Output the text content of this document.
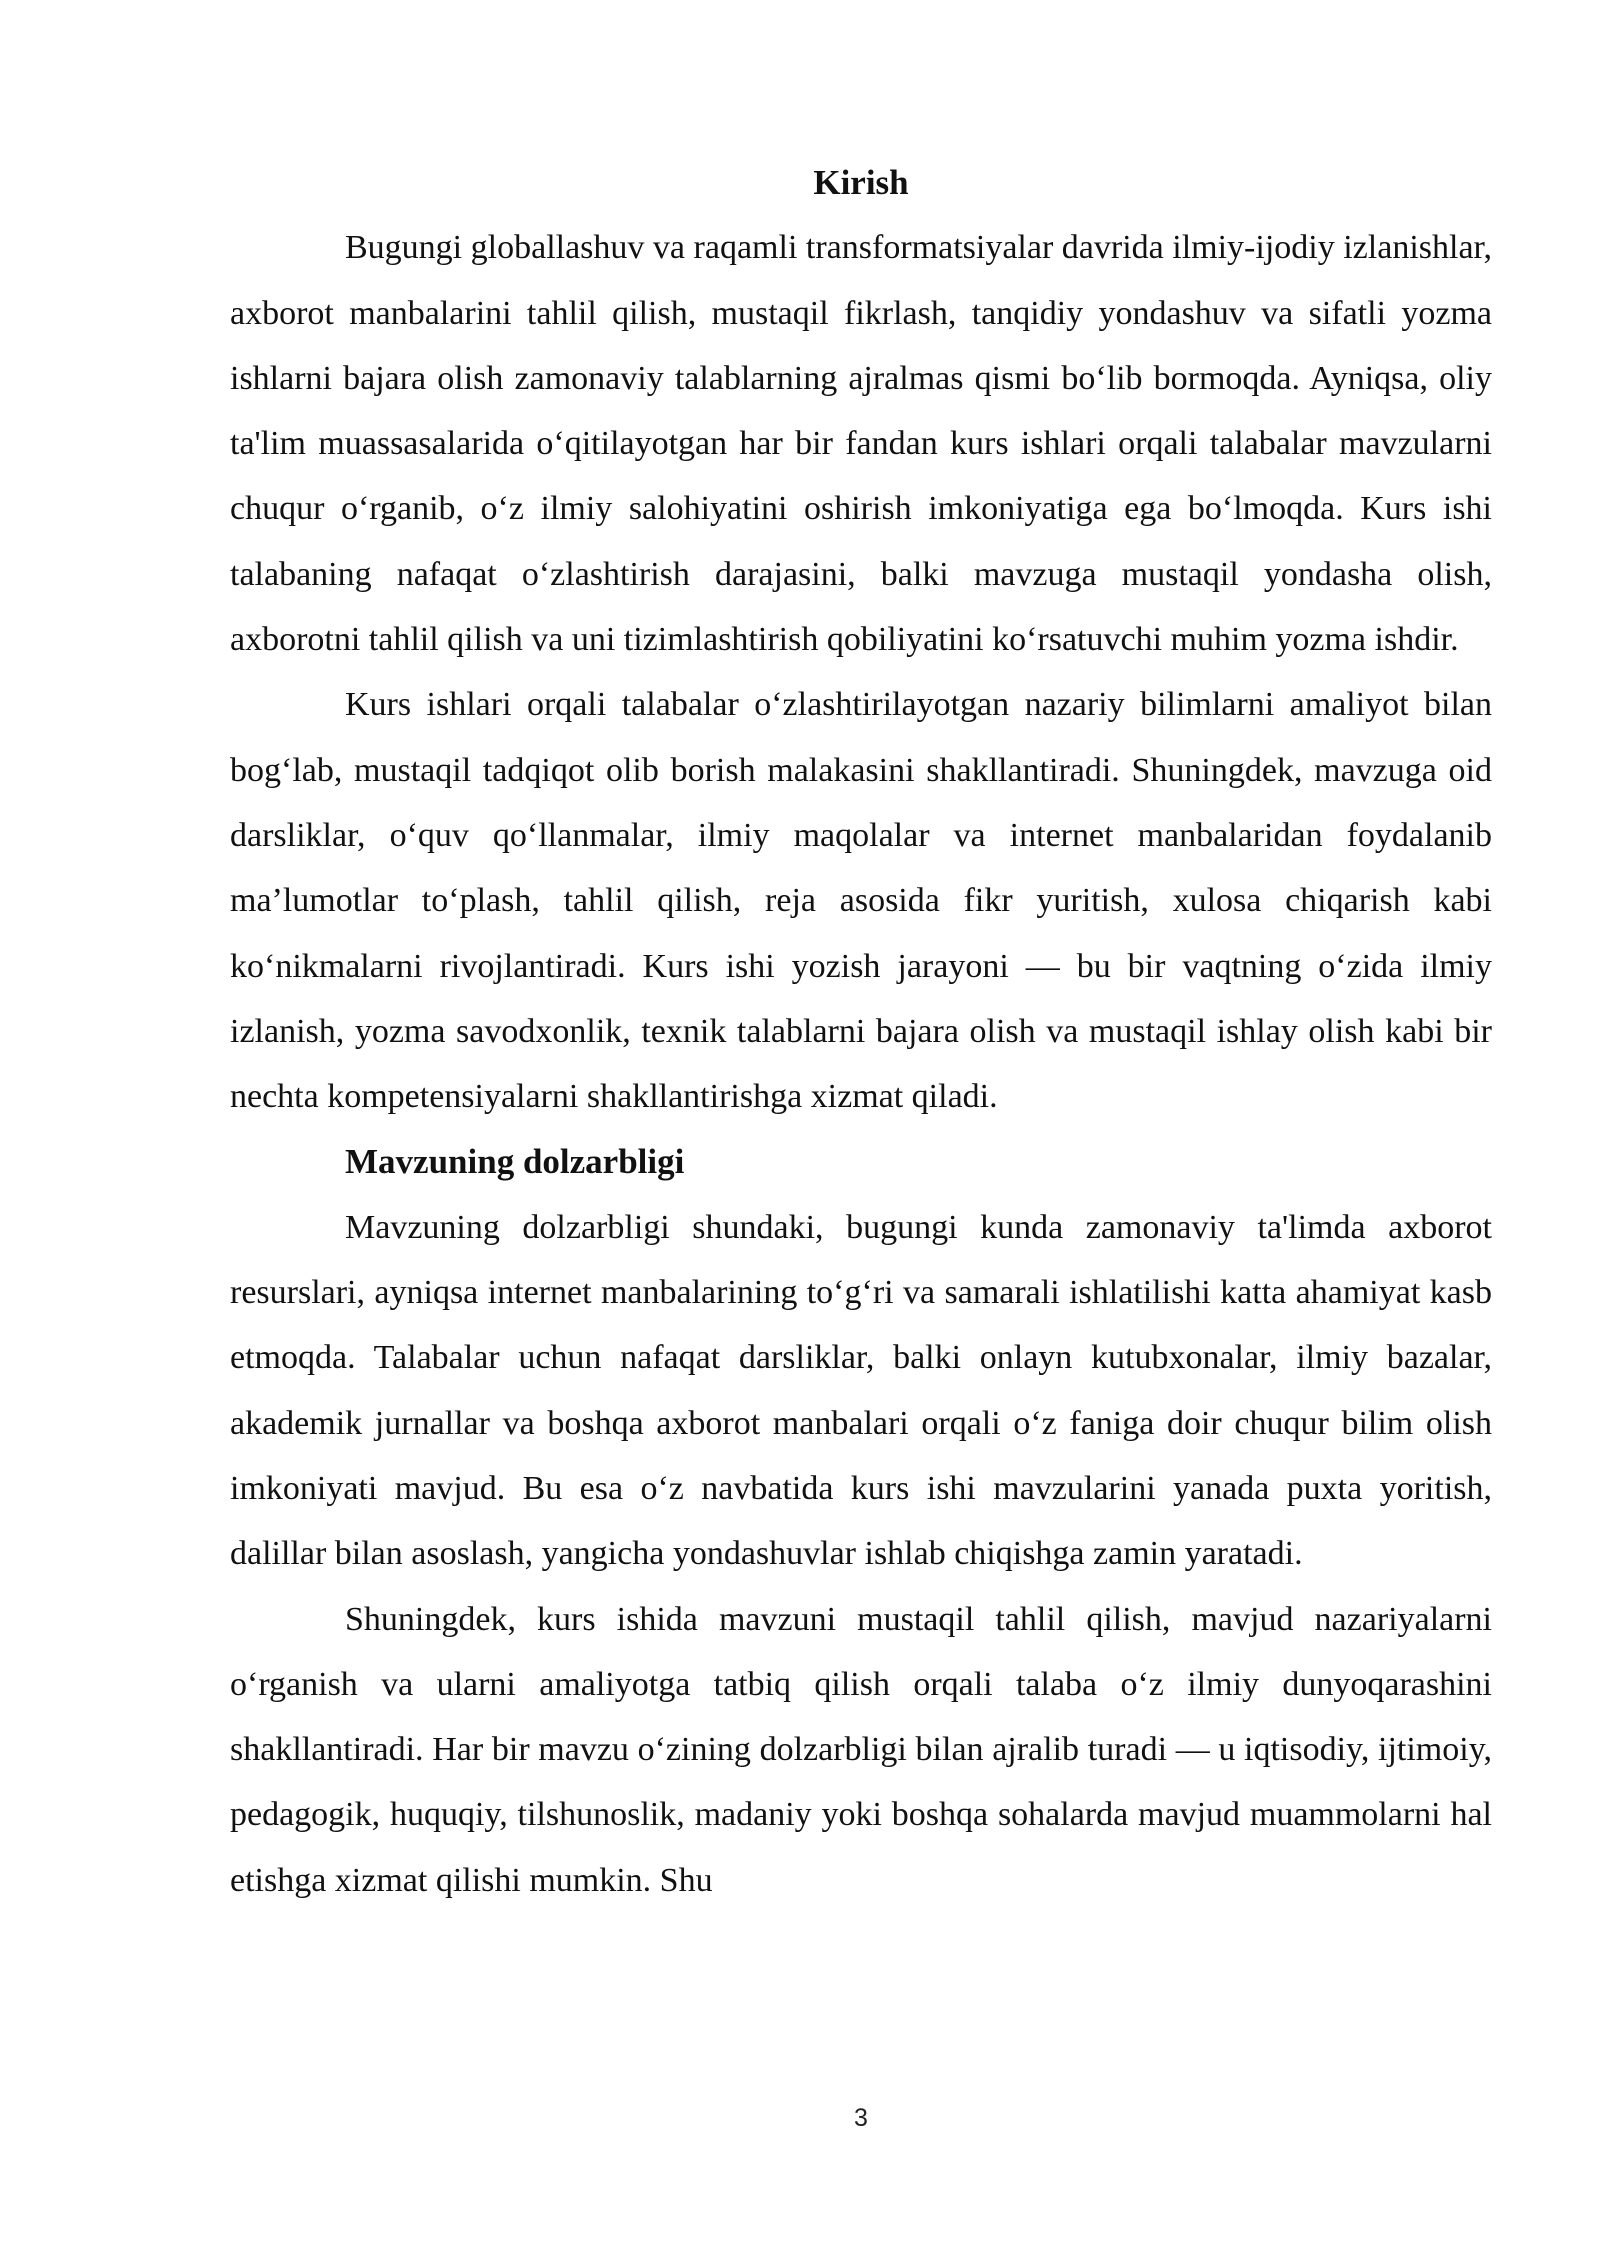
Kirish

Bugungi globallashuv va raqamli transformatsiyalar davrida ilmiy-ijodiy izlanishlar, axborot manbalarini tahlil qilish, mustaqil fikrlash, tanqidiy yondashuv va sifatli yozma ishlarni bajara olish zamonaviy talablarning ajralmas qismi bo‘lib bormoqda. Ayniqsa, oliy ta'lim muassasalarida o‘qitilayotgan har bir fandan kurs ishlari orqali talabalar mavzularni chuqur o‘rganib, o‘z ilmiy salohiyatini oshirish imkoniyatiga ega bo‘lmoqda. Kurs ishi talabaning nafaqat o‘zlashtirish darajasini, balki mavzuga mustaqil yondasha olish, axborotni tahlil qilish va uni tizimlashtirish qobiliyatini ko‘rsatuvchi muhim yozma ishdir.

Kurs ishlari orqali talabalar o‘zlashtirilayotgan nazariy bilimlarni amaliyot bilan bog‘lab, mustaqil tadqiqot olib borish malakasini shakllantiradi. Shuningdek, mavzuga oid darsliklar, o‘quv qo‘llanmalar, ilmiy maqolalar va internet manbalaridan foydalanib ma’lumotlar to‘plash, tahlil qilish, reja asosida fikr yuritish, xulosa chiqarish kabi ko‘nikmalarni rivojlantiradi. Kurs ishi yozish jarayoni — bu bir vaqtning o‘zida ilmiy izlanish, yozma savodxonlik, texnik talablarni bajara olish va mustaqil ishlay olish kabi bir nechta kompetensiyalarni shakllantirishga xizmat qiladi.

Mavzuning dolzarbligi

Mavzuning dolzarbligi shundaki, bugungi kunda zamonaviy ta'limda axborot resurslari, ayniqsa internet manbalarining to‘g‘ri va samarali ishlatilishi katta ahamiyat kasb etmoqda. Talabalar uchun nafaqat darsliklar, balki onlayn kutubxonalar, ilmiy bazalar, akademik jurnallar va boshqa axborot manbalari orqali o‘z faniga doir chuqur bilim olish imkoniyati mavjud. Bu esa o‘z navbatida kurs ishi mavzularini yanada puxta yoritish, dalillar bilan asoslash, yangicha yondashuvlar ishlab chiqishga zamin yaratadi.

Shuningdek, kurs ishida mavzuni mustaqil tahlil qilish, mavjud nazariyalarni o‘rganish va ularni amaliyotga tatbiq qilish orqali talaba o‘z ilmiy dunyoqarashini shakllantiradi. Har bir mavzu o‘zining dolzarbligi bilan ajralib turadi — u iqtisodiy, ijtimoiy, pedagogik, huquqiy, tilshunoslik, madaniy yoki boshqa sohalarda mavjud muammolarni hal etishga xizmat qilishi mumkin. Shu

3
